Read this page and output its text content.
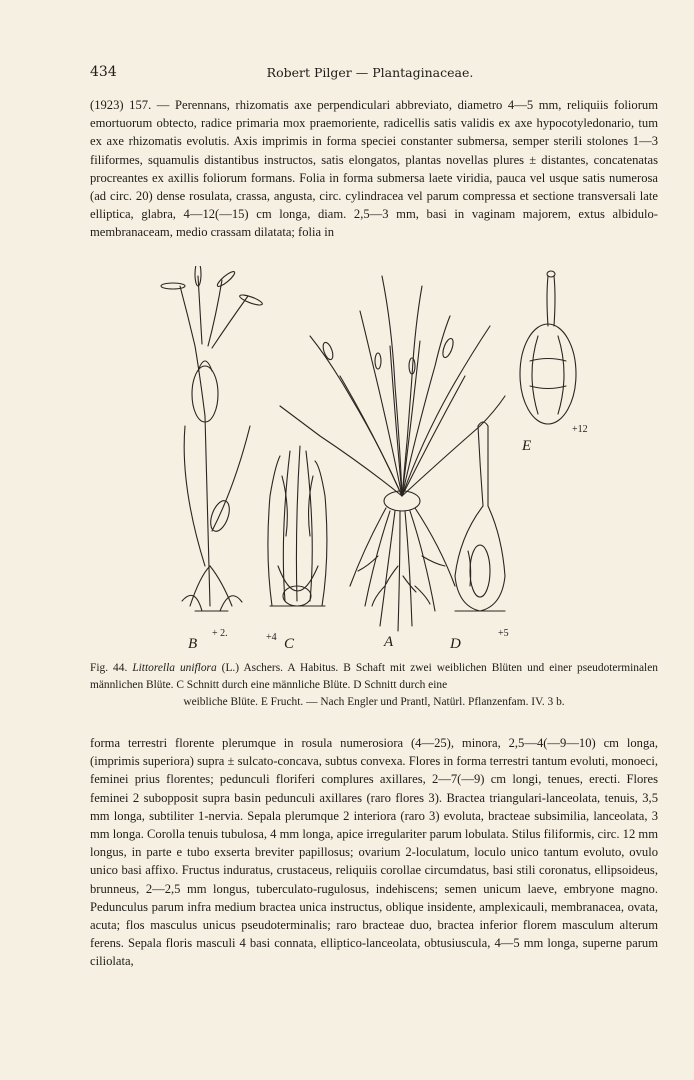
434	Robert Pilger — Plantaginaceae.

(1923) 157. — Perennans, rhizomatis axe perpendiculari abbreviato, diametro 4—5 mm, reliquiis foliorum emortuorum obtecto, radice primaria mox praemoriente, radicellis satis validis ex axe hypocotyledonario, tum ex axe rhizomatis evolutis. Axis imprimis in forma speciei constanter submersa, semper sterili stolones 1—3 filiformes, squamulis distantibus instructos, satis elongatos, plantas novellas plures ± distantes, concatenatas procreantes ex axillis foliorum formans. Folia in forma submersa laete viridia, pauca vel usque satis numerosa (ad circ. 20) dense rosulata, crassa, angusta, circ. cylindracea vel parum compressa et sectione transversali late elliptica, glabra, 4—12(—15) cm longa, diam. 2,5—3 mm, basi in vaginam majorem, extus albidulo-membranaceam, medio crassam dilatata; folia in

B
+ 2.
C
+4	A	D
+5
E
+12

Fig. 44. Littorella uniflora (L.) Aschers. A Habitus. B Schaft mit zwei weiblichen Blüten und einer pseudoterminalen männlichen Blüte. C Schnitt durch eine männliche Blüte. D Schnitt durch eine
weibliche Blüte. E Frucht. — Nach Engler und Prantl, Natürl. Pflanzenfam. IV. 3 b.

forma terrestri florente plerumque in rosula numerosiora (4—25), minora, 2,5—4(—9—10) cm longa, (imprimis superiora) supra ± sulcato-concava, subtus convexa. Flores in forma terrestri tantum evoluti, monoeci, feminei prius florentes; pedunculi floriferi complures axillares, 2—7(—9) cm longi, tenues, erecti. Flores feminei 2 subopposit supra basin pedunculi axillares (raro flores 3). Bractea triangulari-lanceolata, tenuis, 3,5 mm longa, subtiliter 1-nervia. Sepala plerumque 2 interiora (raro 3) evoluta, bracteae subsimilia, lanceolata, 3 mm longa. Corolla tenuis tubulosa, 4 mm longa, apice irregulariter parum lobulata. Stilus filiformis, circ. 12 mm longus, in parte e tubo exserta breviter papillosus; ovarium 2-loculatum, loculo unico tantum evoluto, ovulo unico basi affixo. Fructus induratus, crustaceus, reliquiis corollae circumdatus, basi stili coronatus, ellipsoideus, brunneus, 2—2,5 mm longus, tuberculato-rugulosus, indehiscens; semen unicum laeve, embryone magno. Pedunculus parum infra medium bractea unica instructus, oblique insidente, amplexicauli, membranacea, ovata, acuta; flos masculus unicus pseudoterminalis; raro bracteae duo, bractea inferior florem masculum alterum ferens. Sepala floris masculi 4 basi connata, elliptico-lanceolata, obtusiuscula, 4—5 mm longa, superne parum ciliolata,
